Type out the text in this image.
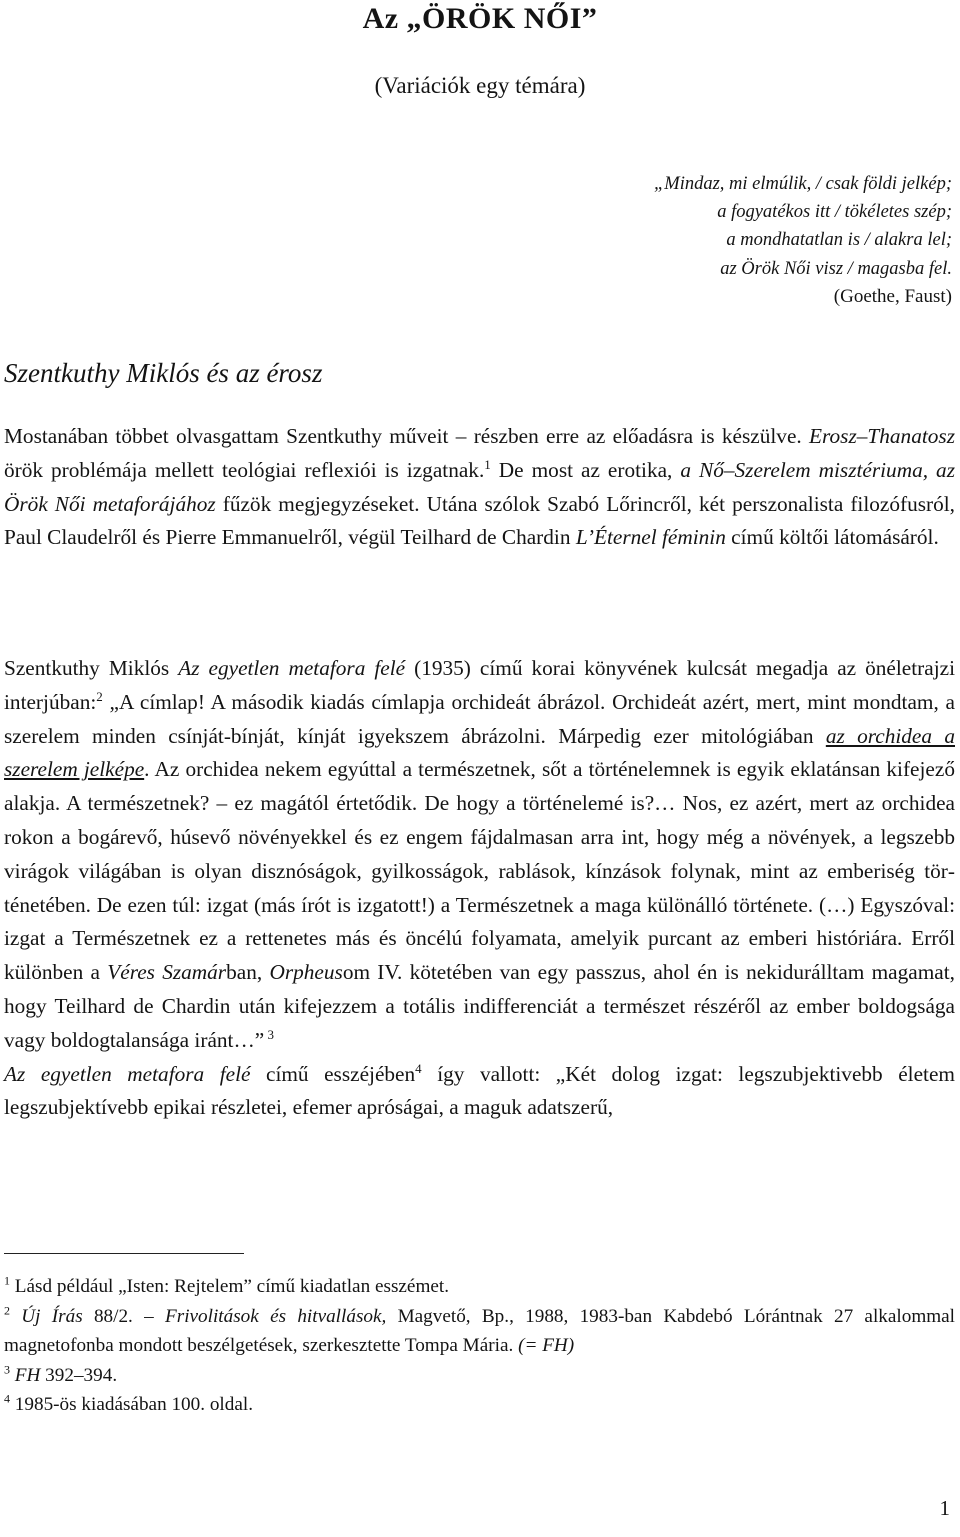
Az „ÖRÖK NŐI”
(Variációk egy témára)
„Mindaz, mi elmúlik, / csak földi jelkép;
a fogyatékos itt / tökéletes szép;
a mondhatatlan is / alakra lel;
az Örök Női visz / magasba fel.
(Goethe, Faust)
Szentkuthy Miklós és az érosz
Mostanában többet olvasgattam Szentkuthy műveit – részben erre az előadásra is készülve. Erosz–Thanatosz örök problémája mellett teológiai reflexiói is izgatnak.$^1$ De most az erotika, a Nő–Szerelem misztériuma, az Örök Női metaforájához fűzök megjegyzéseket. Utána szólok Szabó Lőrincről, két perszonalista filozófusról, Paul Claudelről és Pierre Emmanuelről, végül Teilhard de Chardin L’Éternel féminin című költői látomásáról.
Szentkuthy Miklós Az egyetlen metafora felé (1935) című korai könyvének kulcsát megadja az önéletrajzi interjúban:$^2$ „A címlap! A második kiadás címlapja orchideát ábrázol. Orchideát azért, mert, mint mondtam, a szerelem minden csínját-bínját, kínját igyekszem ábrázolni. Márpedig ezer mitológiában az orchidea a szerelem jelképe. Az orchidea nekem egyúttal a természetnek, sőt a történelemnek is egyik eklatánsan kifejező alakja. A természetnek? – ez magától értetődik. De hogy a történelemé is?… Nos, ez azért, mert az orchidea rokon a bogárevő, húsevő növényekkel és ez engem fájdalmasan arra int, hogy még a növények, a legszebb virágok világában is olyan disznóságok, gyilkosságok, rablások, kínzások folynak, mint az emberiség történetében. De ezen túl: izgat (más írót is izgatott!) a Természetnek a maga különálló története. (…) Egyszóval: izgat a Természetnek ez a rettenetes más és öncélú folyamata, amelyik purcant az emberi históriára. Erről különben a Véres Szamárban, Orpheusom IV. kötetében van egy passzus, ahol én is nekidurálltam magamat, hogy Teilhard de Chardin után kifejezzem a totális indifferenciát a természet részéről az ember boldogsága vagy boldogtalansága iránt…” $^3$
Az egyetlen metafora felé című esszéjében$^4$ így vallott: „Két dolog izgat: legszubjektivebb életem legszubjektívebb epikai részletei, efemer apróságai, a maguk adatszerű,
$^1$ Lásd például „Isten: Rejtelem” című kiadatlan esszémet.
$^2$ Új Írás 88/2. – Frivolitások és hitvallások, Magvető, Bp., 1988, 1983-ban Kabdebó Lórántnak 27 alkalommal magnetofonba mondott beszélgetések, szerkesztette Tompa Mária. (= FH)
$^3$ FH 392–394.
$^4$ 1985-ös kiadásában 100. oldal.
1
